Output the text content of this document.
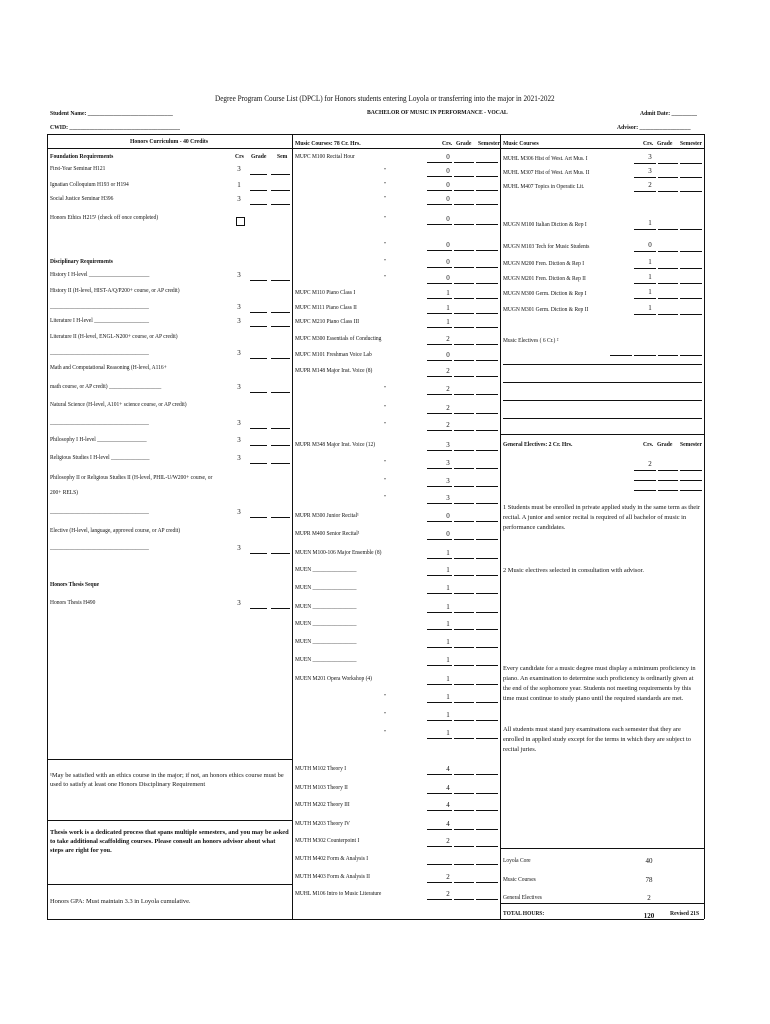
Degree Program Course List (DPCL) for Honors students entering Loyola or transferring into the major in 2021-2022
BACHELOR OF MUSIC IN PERFORMANCE - VOCAL
Student Name: ______________________________
CWID: _______________________________________
Admit Date: _________
Advisor: __________________
Honors Curriculum - 40 Credits
Foundation Requirements	Crs Grade Sem
First-Year Seminar H121	3
Ignatian Colloquium H193 or H194	1
Social Justice Seminar H396	3
Honors Ethics H215¹ (check off once completed)
Disciplinary Requirements
History I H-level ______________________	3
History II (H-level, HIST-A/Q/P200+ course, or AP credit)
____________________________________	3
Literature I H-level ____________________	3
Literature II (H-level, ENGL-N200+ course, or AP credit)
____________________________________	3
Math and Computational Reasoning (H-level, A116+
math course, or AP credit) ___________________	3
Natural Science (H-level, A101+ science course, or AP credit)
____________________________________	3
Philosophy I H-level __________________	3
Religious Studies I H-level ______________	3
Philosophy II or Religious Studies II (H-level, PHIL-U/W200+ course, or
200+ RELS)
____________________________________	3
Elective (H-level, language, approved course, or AP credit)
____________________________________	3
Honors Thesis Seque
Honors Thesis H490	3
¹May be satisfied with an ethics course in the major; if not, an honors ethics course must be used to satisfy at least one Honors Disciplinary Requirement
Thesis work is a dedicated process that spans multiple semesters, and you may be asked to take additional scaffolding courses. Please consult an honors advisor about what steps are right for you.
Honors GPA: Must maintain 3.3 in Loyola cumulative.
Music Courses: 78 Cr. Hrs.	Crs. Grade Semester
MUPC M100 Recital Hour	0
"	0
"	0
"	0
"	0
"	0
"	0
"	0
MUPC M110 Piano Class I	1
MUPC M111 Piano Class II	1
MUPC M210 Piano Class III	1
MUPC M300 Essentials of Conducting	2
MUPC M101 Freshman Voice Lab	0
MUPR M148 Major Inst. Voice (8)	2
"	2
"	2
"	2
MUPR M348 Major Inst. Voice (12)	3
"	3
"	3
"	3
MUPR M300 Junior Recital¹	0
MUPR M400 Senior Recital¹	0
MUEN M100-106 Major Ensemble (8)	1
MUEN ________________	1
MUEN ________________	1
MUEN ________________	1
MUEN ________________	1
MUEN ________________	1
MUEN ________________	1
MUEN M201 Opera Workshop (4)	1
"	1
"	1
"	1
MUTH M102 Theory I	4
MUTH M103 Theory II	4
MUTH M202 Theory III	4
MUTH M203 Theory IV	4
MUTH M302 Counterpoint I	2
MUTH M402 Form & Analysis I
MUTH M403 Form & Analysis II	2
MUHL M106 Intro to Music Literature	2
Music Courses	Crs. Grade Semester
MUHL M306 Hist of West. Art Mus. I	3
MUHL M307 Hist of West. Art Mus. II	3
MUHL M407 Topics in Operatic Lit.	2
MUGN M100 Italian Diction & Rep I	1
MUGN M103 Tech for Music Students	0
MUGN M200 Fren. Diction & Rep I	1
MUGN M201 Fren. Diction & Rep II	1
MUGN M300 Germ. Diction & Rep I	1
MUGN M301 Germ. Diction & Rep II	1
Music Electives ( 6 Cr.) ²
General Electives: 2 Cr. Hrs.	Crs. Grade Semester
2
1 Students must be enrolled in private applied study in the same term as their recital. A junior and senior recital is required of all bachelor of music in performance candidates.
2 Music electives selected in consultation with advisor.
Every candidate for a music degree must display a minimum proficiency in piano. An examination to determine such proficiency is ordinarily given at the end of the sophomore year. Students not meeting requirements by this time must continue to study piano until the required standards are met.
All students must stand jury examinations each semester that they are enrolled in applied study except for the terms in which they are subject to recital juries.
Loyola Core	40
Music Courses	78
General Electives	2
TOTAL HOURS:	120 Revised 21S
